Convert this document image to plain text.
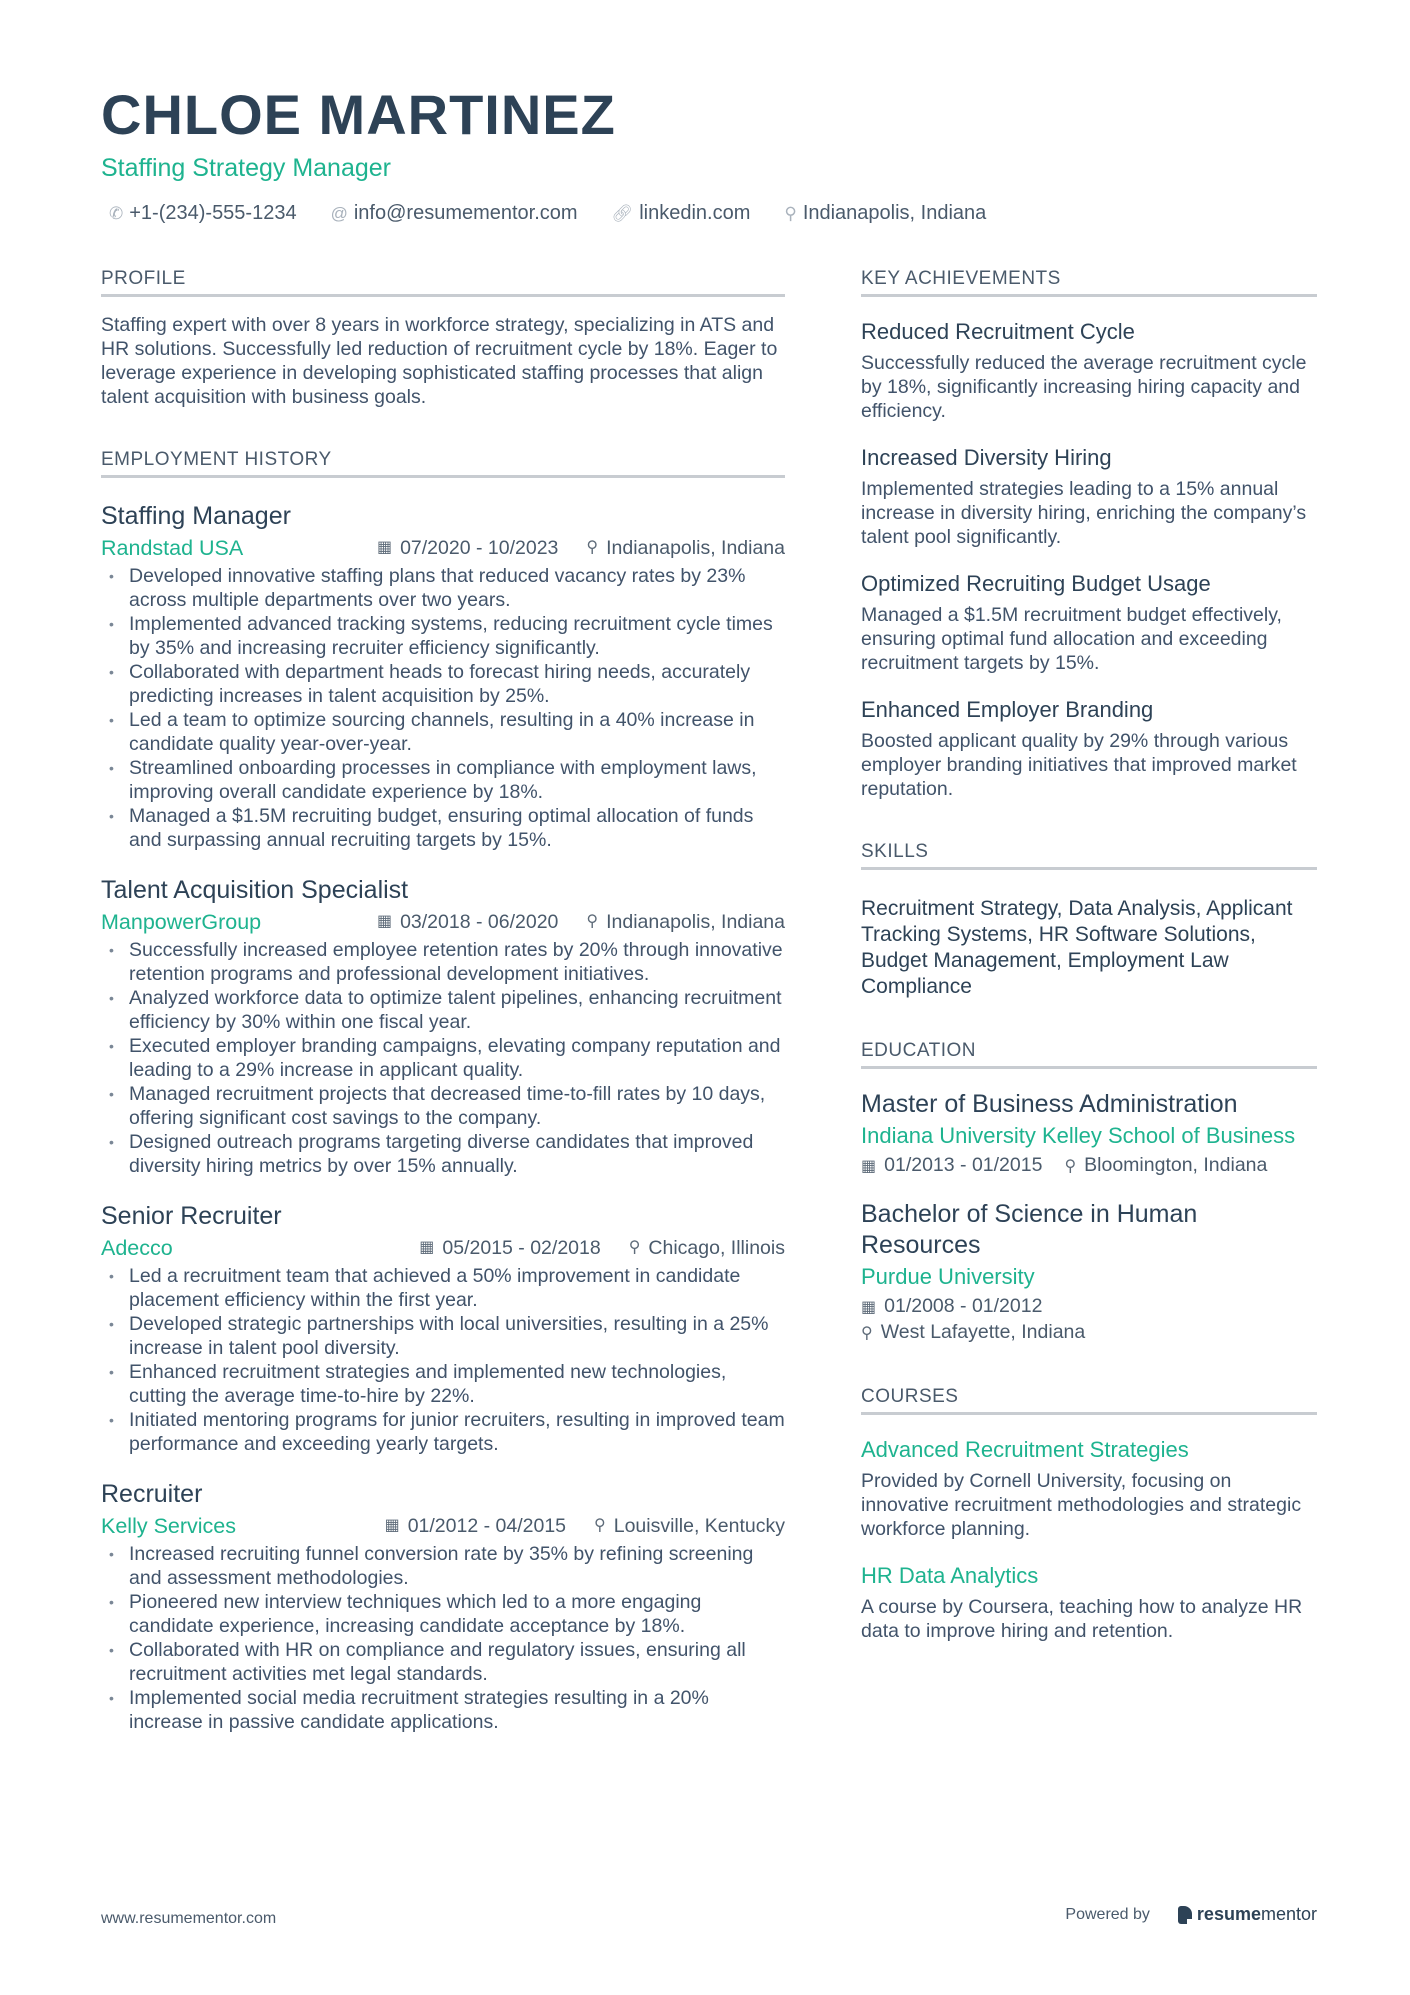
CHLOE MARTINEZ
Staffing Strategy Manager
✆ +1-(234)-555-1234 @ info@resumementor.com 🔗︎ linkedin.com ⚲ Indianapolis, Indiana
PROFILE
Staffing expert with over 8 years in workforce strategy, specializing in ATS and HR solutions. Successfully led reduction of recruitment cycle by 18%. Eager to leverage experience in developing sophisticated staffing processes that align talent acquisition with business goals.
EMPLOYMENT HISTORY
Staffing Manager
Randstad USA	▦ 07/2020 - 10/2023 ⚲ Indianapolis, Indiana
• Developed innovative staffing plans that reduced vacancy rates by 23% across multiple departments over two years.
• Implemented advanced tracking systems, reducing recruitment cycle times by 35% and increasing recruiter efficiency significantly.
• Collaborated with department heads to forecast hiring needs, accurately predicting increases in talent acquisition by 25%.
• Led a team to optimize sourcing channels, resulting in a 40% increase in candidate quality year-over-year.
• Streamlined onboarding processes in compliance with employment laws, improving overall candidate experience by 18%.
• Managed a $1.5M recruiting budget, ensuring optimal allocation of funds and surpassing annual recruiting targets by 15%.
Talent Acquisition Specialist
ManpowerGroup	▦ 03/2018 - 06/2020 ⚲ Indianapolis, Indiana
• Successfully increased employee retention rates by 20% through innovative retention programs and professional development initiatives.
• Analyzed workforce data to optimize talent pipelines, enhancing recruitment efficiency by 30% within one fiscal year.
• Executed employer branding campaigns, elevating company reputation and leading to a 29% increase in applicant quality.
• Managed recruitment projects that decreased time-to-fill rates by 10 days, offering significant cost savings to the company.
• Designed outreach programs targeting diverse candidates that improved diversity hiring metrics by over 15% annually.
Senior Recruiter
Adecco	▦ 05/2015 - 02/2018 ⚲ Chicago, Illinois
• Led a recruitment team that achieved a 50% improvement in candidate placement efficiency within the first year.
• Developed strategic partnerships with local universities, resulting in a 25% increase in talent pool diversity.
• Enhanced recruitment strategies and implemented new technologies, cutting the average time-to-hire by 22%.
• Initiated mentoring programs for junior recruiters, resulting in improved team performance and exceeding yearly targets.
Recruiter
Kelly Services	▦ 01/2012 - 04/2015 ⚲ Louisville, Kentucky
• Increased recruiting funnel conversion rate by 35% by refining screening and assessment methodologies.
• Pioneered new interview techniques which led to a more engaging candidate experience, increasing candidate acceptance by 18%.
• Collaborated with HR on compliance and regulatory issues, ensuring all recruitment activities met legal standards.
• Implemented social media recruitment strategies resulting in a 20% increase in passive candidate applications.
KEY ACHIEVEMENTS
Reduced Recruitment Cycle
Successfully reduced the average recruitment cycle by 18%, significantly increasing hiring capacity and efficiency.
Increased Diversity Hiring
Implemented strategies leading to a 15% annual increase in diversity hiring, enriching the company’s talent pool significantly.
Optimized Recruiting Budget Usage
Managed a $1.5M recruitment budget effectively, ensuring optimal fund allocation and exceeding recruitment targets by 15%.
Enhanced Employer Branding
Boosted applicant quality by 29% through various employer branding initiatives that improved market reputation.
SKILLS
Recruitment Strategy, Data Analysis, Applicant Tracking Systems, HR Software Solutions, Budget Management, Employment Law Compliance
EDUCATION
Master of Business Administration
Indiana University Kelley School of Business
▦ 01/2013 - 01/2015 ⚲ Bloomington, Indiana
Bachelor of Science in Human Resources
Purdue University
▦ 01/2008 - 01/2012
⚲ West Lafayette, Indiana
COURSES
Advanced Recruitment Strategies
Provided by Cornell University, focusing on innovative recruitment methodologies and strategic workforce planning.
HR Data Analytics
A course by Coursera, teaching how to analyze HR data to improve hiring and retention.
www.resumementor.com	Powered by	resume mentor
